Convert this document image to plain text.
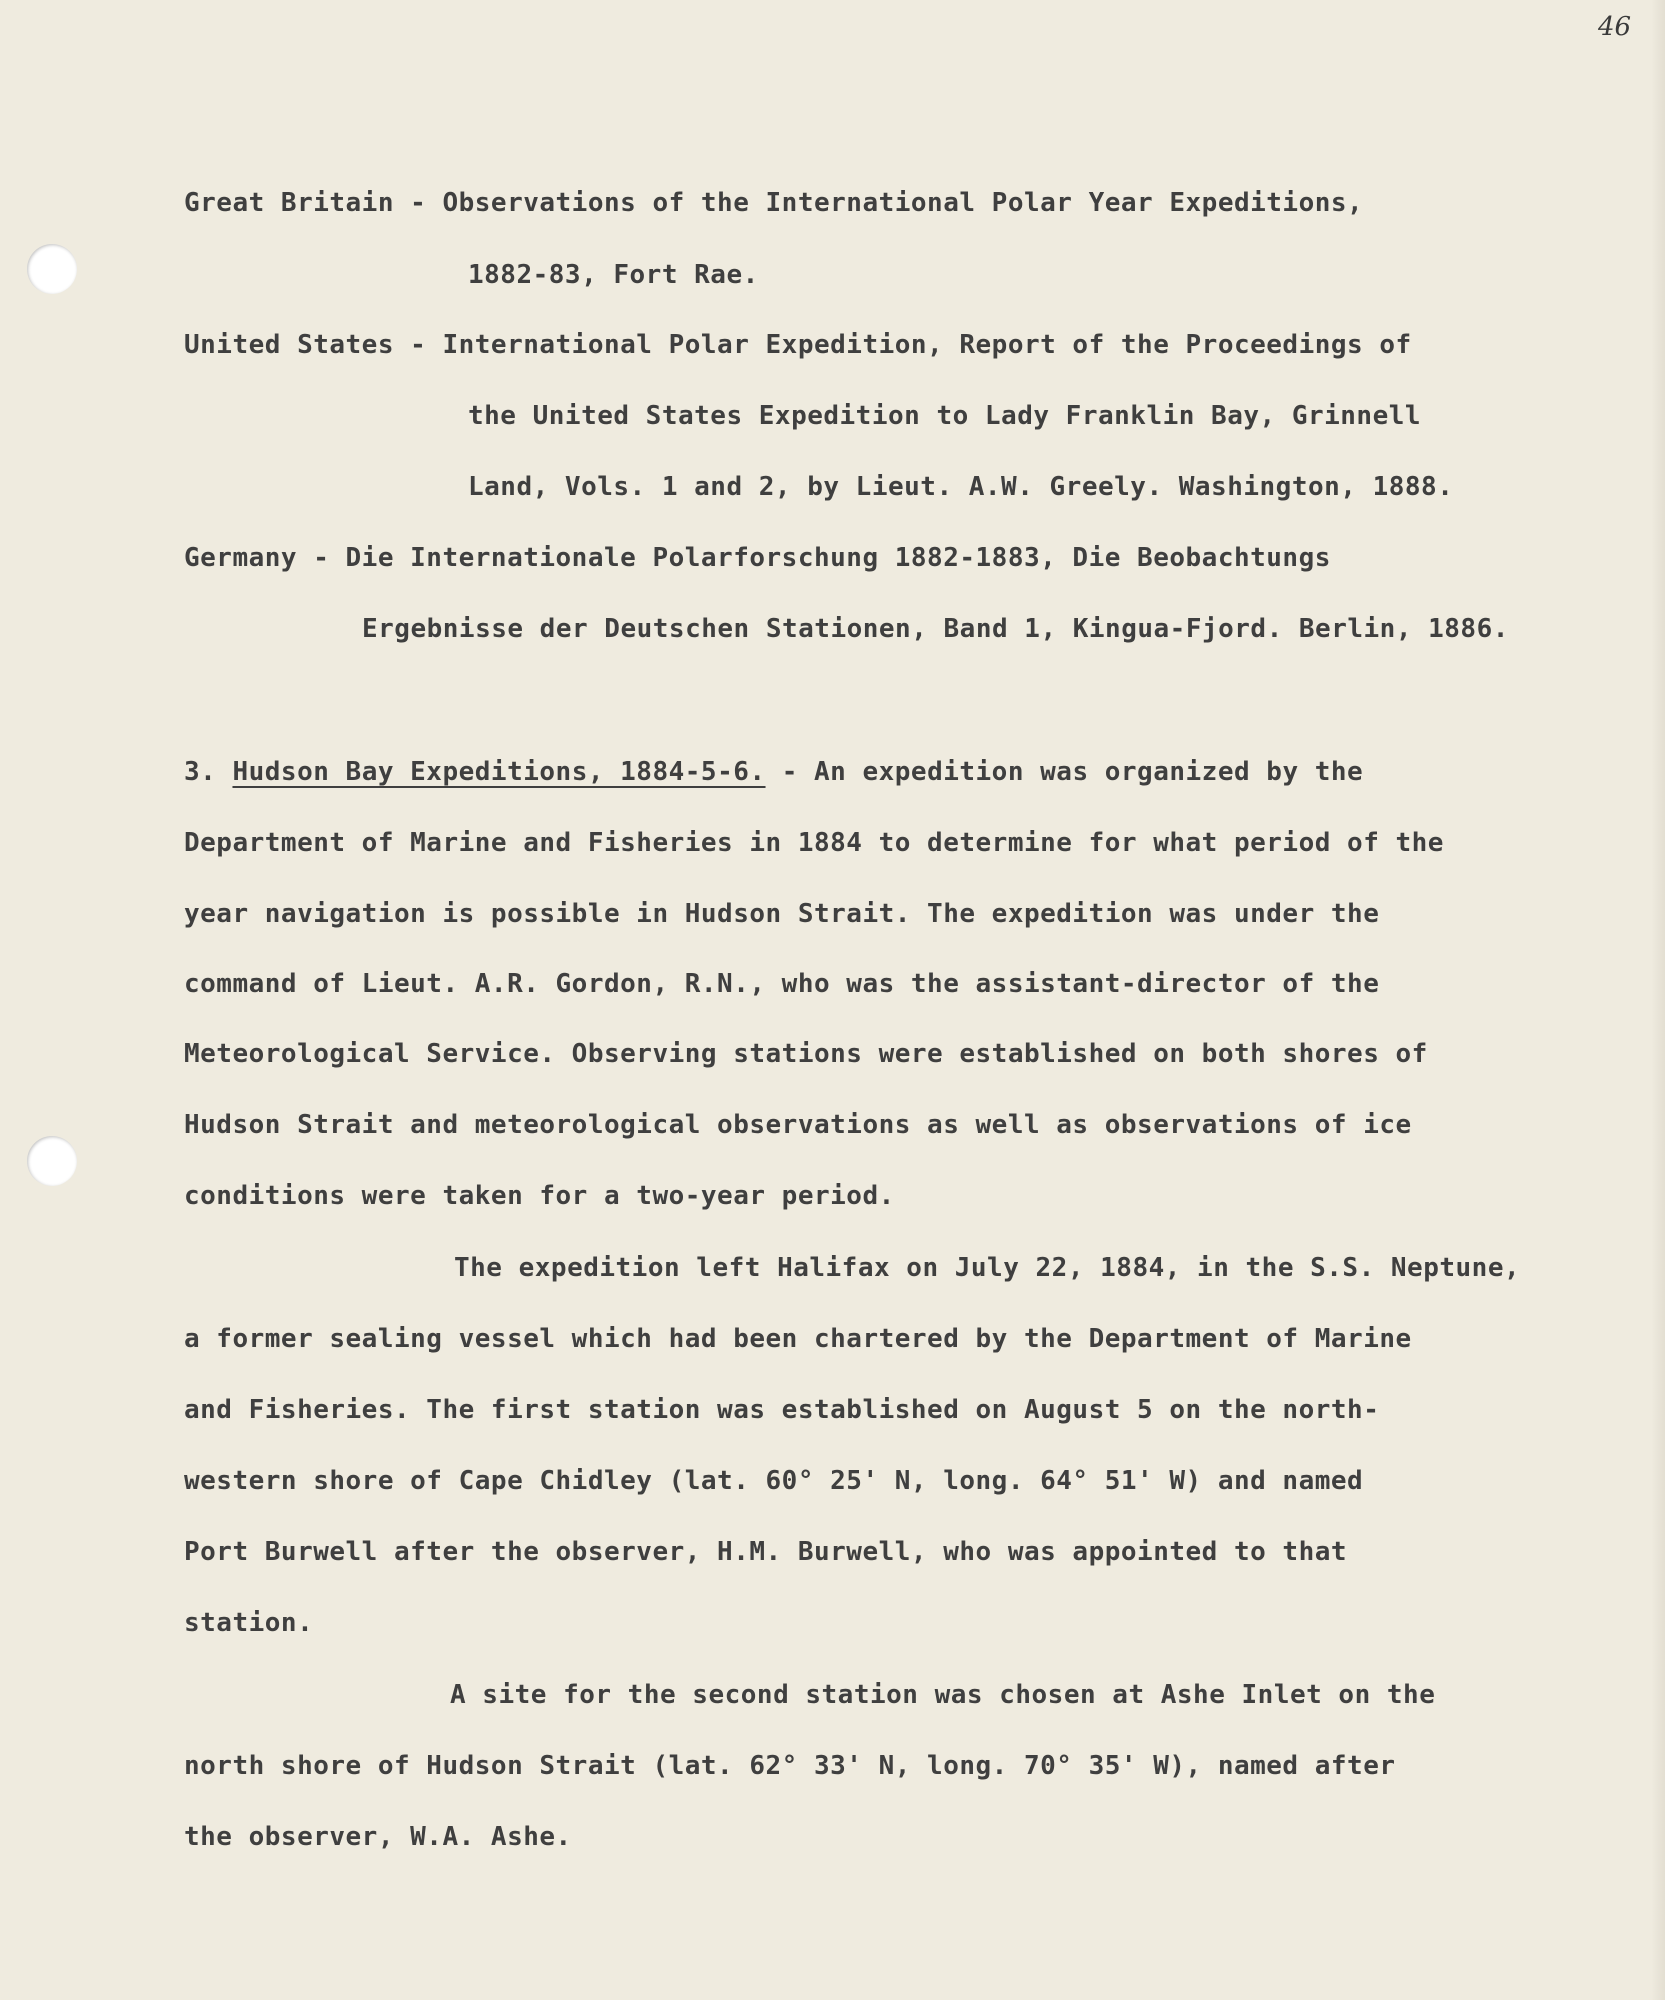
46
Great Britain - Observations of the International Polar Year Expeditions,
1882-83, Fort Rae.
United States - International Polar Expedition, Report of the Proceedings of
the United States Expedition to Lady Franklin Bay, Grinnell
Land, Vols. 1 and 2, by Lieut. A.W. Greely. Washington, 1888.
Germany - Die Internationale Polarforschung 1882-1883, Die Beobachtungs
Ergebnisse der Deutschen Stationen, Band 1, Kingua-Fjord. Berlin, 1886.
3. Hudson Bay Expeditions, 1884-5-6. - An expedition was organized by the
Department of Marine and Fisheries in 1884 to determine for what period of the
year navigation is possible in Hudson Strait. The expedition was under the
command of Lieut. A.R. Gordon, R.N., who was the assistant-director of the
Meteorological Service. Observing stations were established on both shores of
Hudson Strait and meteorological observations as well as observations of ice
conditions were taken for a two-year period.
The expedition left Halifax on July 22, 1884, in the S.S. Neptune,
a former sealing vessel which had been chartered by the Department of Marine
and Fisheries. The first station was established on August 5 on the north-
western shore of Cape Chidley (lat. 60° 25' N, long. 64° 51' W) and named
Port Burwell after the observer, H.M. Burwell, who was appointed to that
station.
A site for the second station was chosen at Ashe Inlet on the
north shore of Hudson Strait (lat. 62° 33' N, long. 70° 35' W), named after
the observer, W.A. Ashe.
